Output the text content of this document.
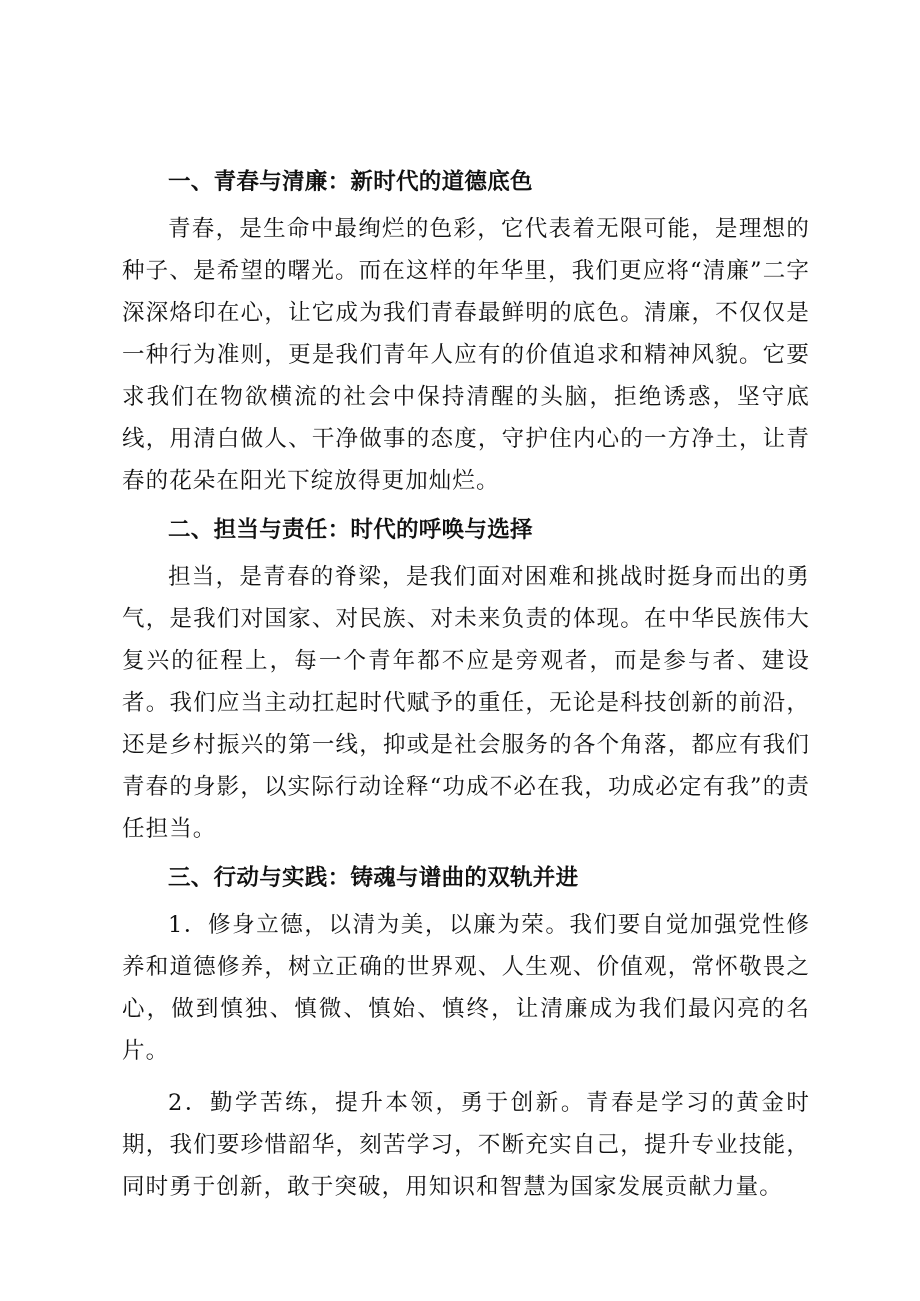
一、青春与清廉：新时代的道德底色

青春，是生命中最绚烂的色彩，它代表着无限可能，是理想的种子、是希望的曙光。而在这样的年华里，我们更应将“清廉”二字深深烙印在心，让它成为我们青春最鲜明的底色。清廉，不仅仅是一种行为准则，更是我们青年人应有的价值追求和精神风貌。它要求我们在物欲横流的社会中保持清醒的头脑，拒绝诱惑，坚守底线，用清白做人、干净做事的态度，守护住内心的一方净土，让青春的花朵在阳光下绽放得更加灿烂。

二、担当与责任：时代的呼唤与选择

担当，是青春的脊梁，是我们面对困难和挑战时挺身而出的勇气，是我们对国家、对民族、对未来负责的体现。在中华民族伟大复兴的征程上，每一个青年都不应是旁观者，而是参与者、建设者。我们应当主动扛起时代赋予的重任，无论是科技创新的前沿，还是乡村振兴的第一线，抑或是社会服务的各个角落，都应有我们青春的身影，以实际行动诠释“功成不必在我，功成必定有我”的责任担当。

三、行动与实践：铸魂与谱曲的双轨并进

1．修身立德，以清为美，以廉为荣。我们要自觉加强党性修养和道德修养，树立正确的世界观、人生观、价值观，常怀敬畏之心，做到慎独、慎微、慎始、慎终，让清廉成为我们最闪亮的名片。

2．勤学苦练，提升本领，勇于创新。青春是学习的黄金时期，我们要珍惜韶华，刻苦学习，不断充实自己，提升专业技能，同时勇于创新，敢于突破，用知识和智慧为国家发展贡献力量。
